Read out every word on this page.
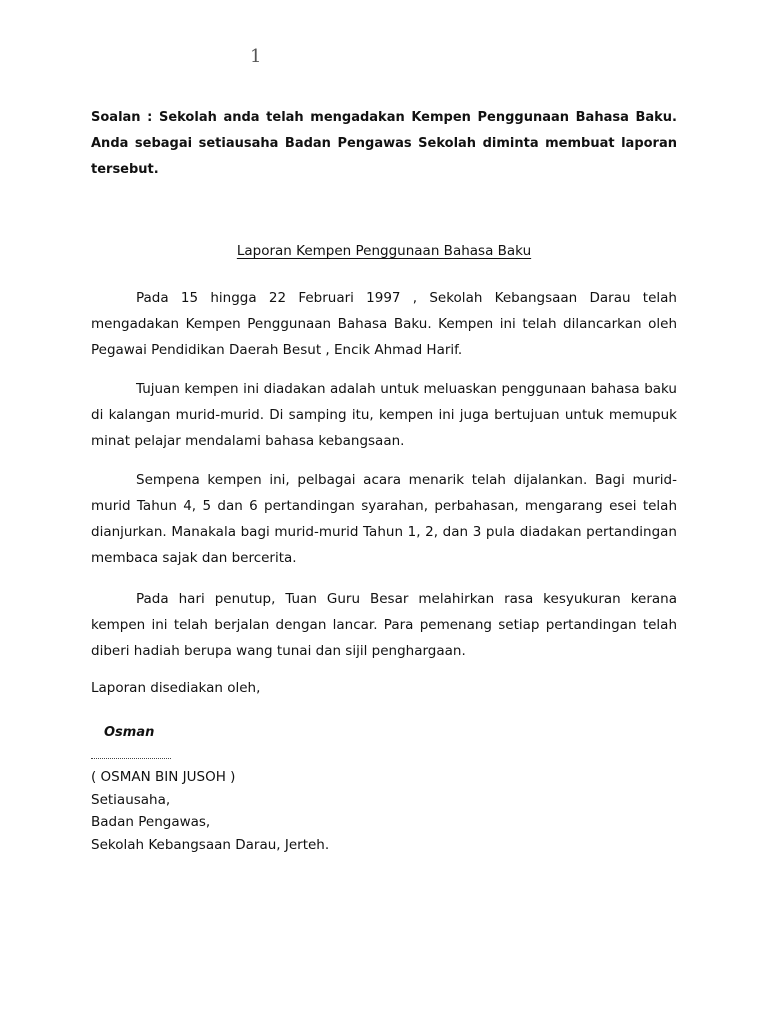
1
Soalan : Sekolah anda telah mengadakan Kempen Penggunaan Bahasa Baku. Anda sebagai setiausaha Badan Pengawas Sekolah diminta membuat laporan tersebut.
Laporan Kempen Penggunaan Bahasa Baku

Pada 15 hingga 22 Februari 1997 , Sekolah Kebangsaan Darau telah mengadakan Kempen Penggunaan Bahasa Baku. Kempen ini telah dilancarkan oleh Pegawai Pendidikan Daerah Besut , Encik Ahmad Harif.

Tujuan kempen ini diadakan adalah untuk meluaskan penggunaan bahasa baku di kalangan murid-murid. Di samping itu, kempen ini juga bertujuan untuk memupuk minat pelajar mendalami bahasa kebangsaan.

Sempena kempen ini, pelbagai acara menarik telah dijalankan. Bagi murid-murid Tahun 4, 5 dan 6 pertandingan syarahan, perbahasan, mengarang esei telah dianjurkan. Manakala bagi murid-murid Tahun 1, 2, dan 3 pula diadakan pertandingan membaca sajak dan bercerita.

Pada hari penutup, Tuan Guru Besar melahirkan rasa kesyukuran kerana kempen ini telah berjalan dengan lancar. Para pemenang setiap pertandingan telah diberi hadiah berupa wang tunai dan sijil penghargaan.

Laporan disediakan oleh,
Osman
( OSMAN BIN JUSOH )
Setiausaha,
Badan Pengawas,
Sekolah Kebangsaan Darau, Jerteh.
